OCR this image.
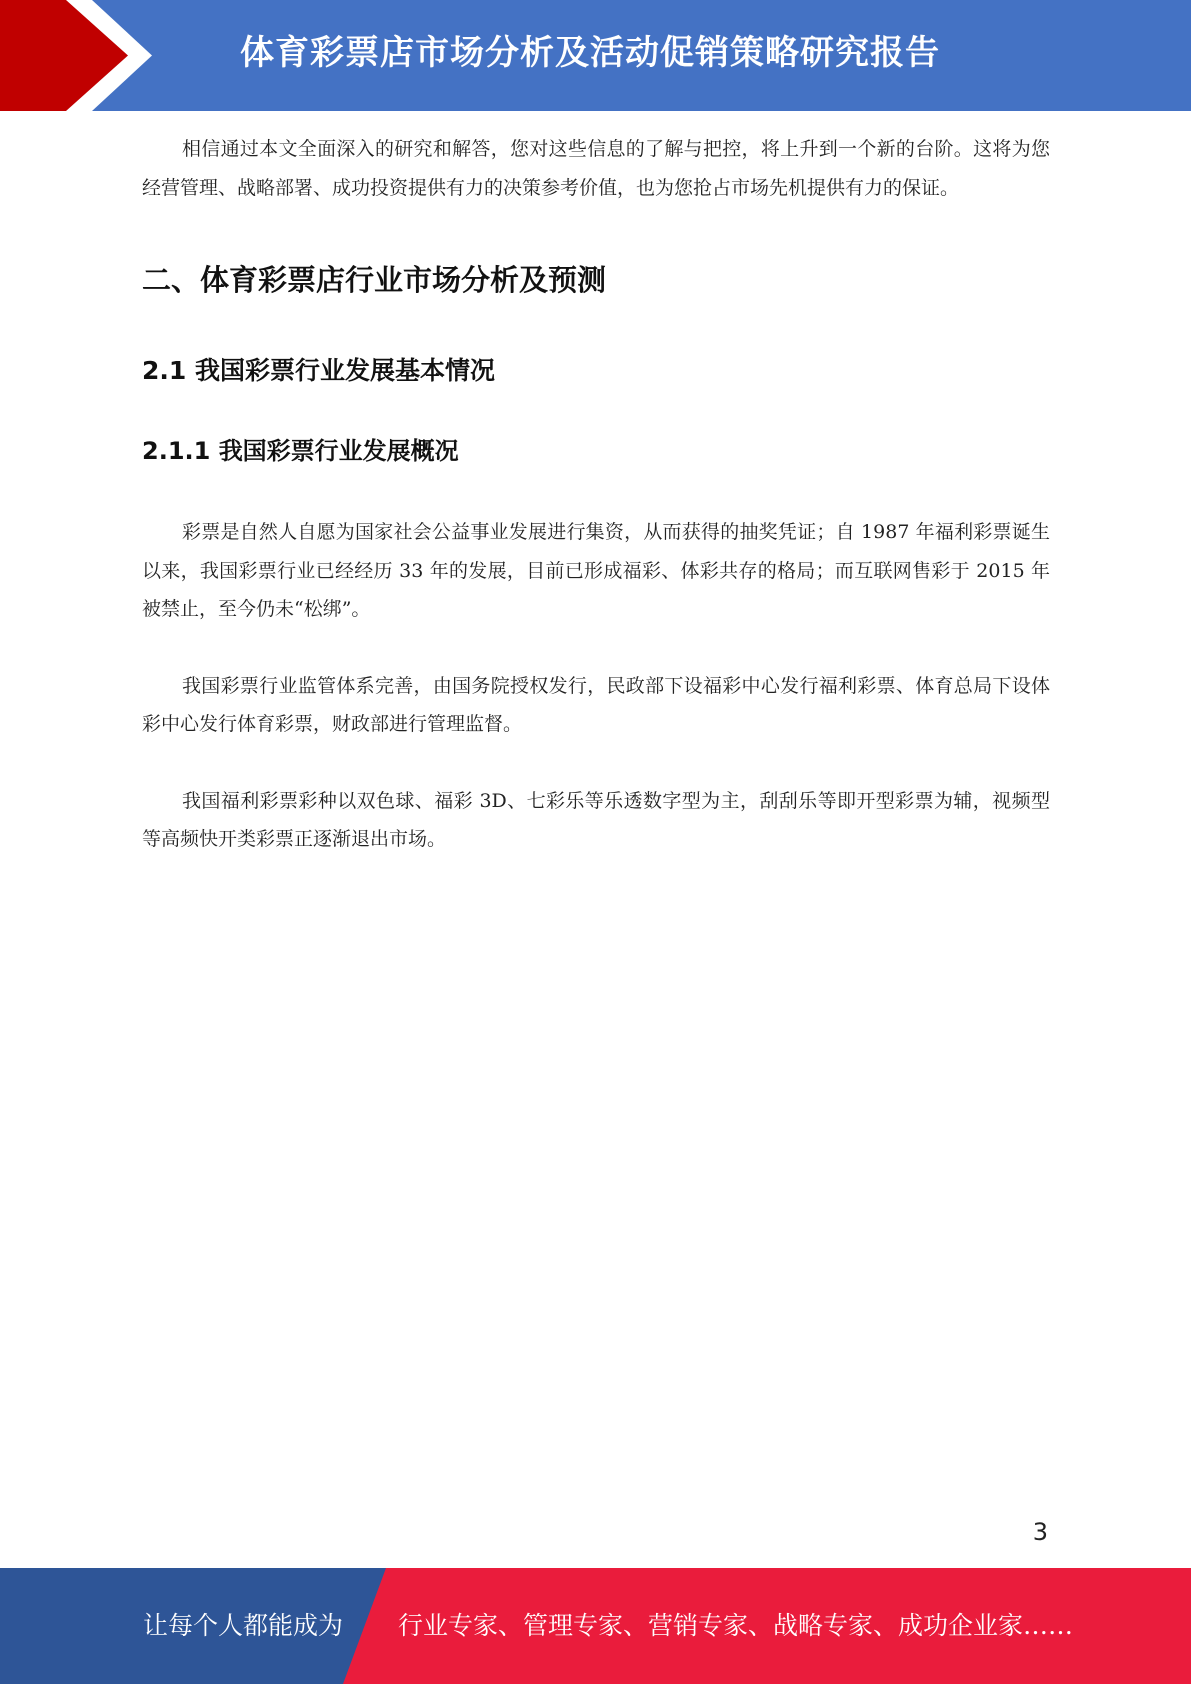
体育彩票店市场分析及活动促销策略研究报告

相信通过本文全面深入的研究和解答，您对这些信息的了解与把控，将上升到一个新的台阶。这将为您经营管理、战略部署、成功投资提供有力的决策参考价值，也为您抢占市场先机提供有力的保证。

二、体育彩票店行业市场分析及预测
2.1 我国彩票行业发展基本情况
2.1.1 我国彩票行业发展概况

彩票是自然人自愿为国家社会公益事业发展进行集资，从而获得的抽奖凭证；自 1987 年福利彩票诞生以来，我国彩票行业已经经历 33 年的发展，目前已形成福彩、体彩共存的格局；而互联网售彩于 2015 年被禁止，至今仍未“松绑”。

我国彩票行业监管体系完善，由国务院授权发行，民政部下设福彩中心发行福利彩票、体育总局下设体彩中心发行体育彩票，财政部进行管理监督。

我国福利彩票彩种以双色球、福彩 3D、七彩乐等乐透数字型为主，刮刮乐等即开型彩票为辅，视频型等高频快开类彩票正逐渐退出市场。

3
让每个人都能成为 行业专家、管理专家、营销专家、战略专家、成功企业家……
